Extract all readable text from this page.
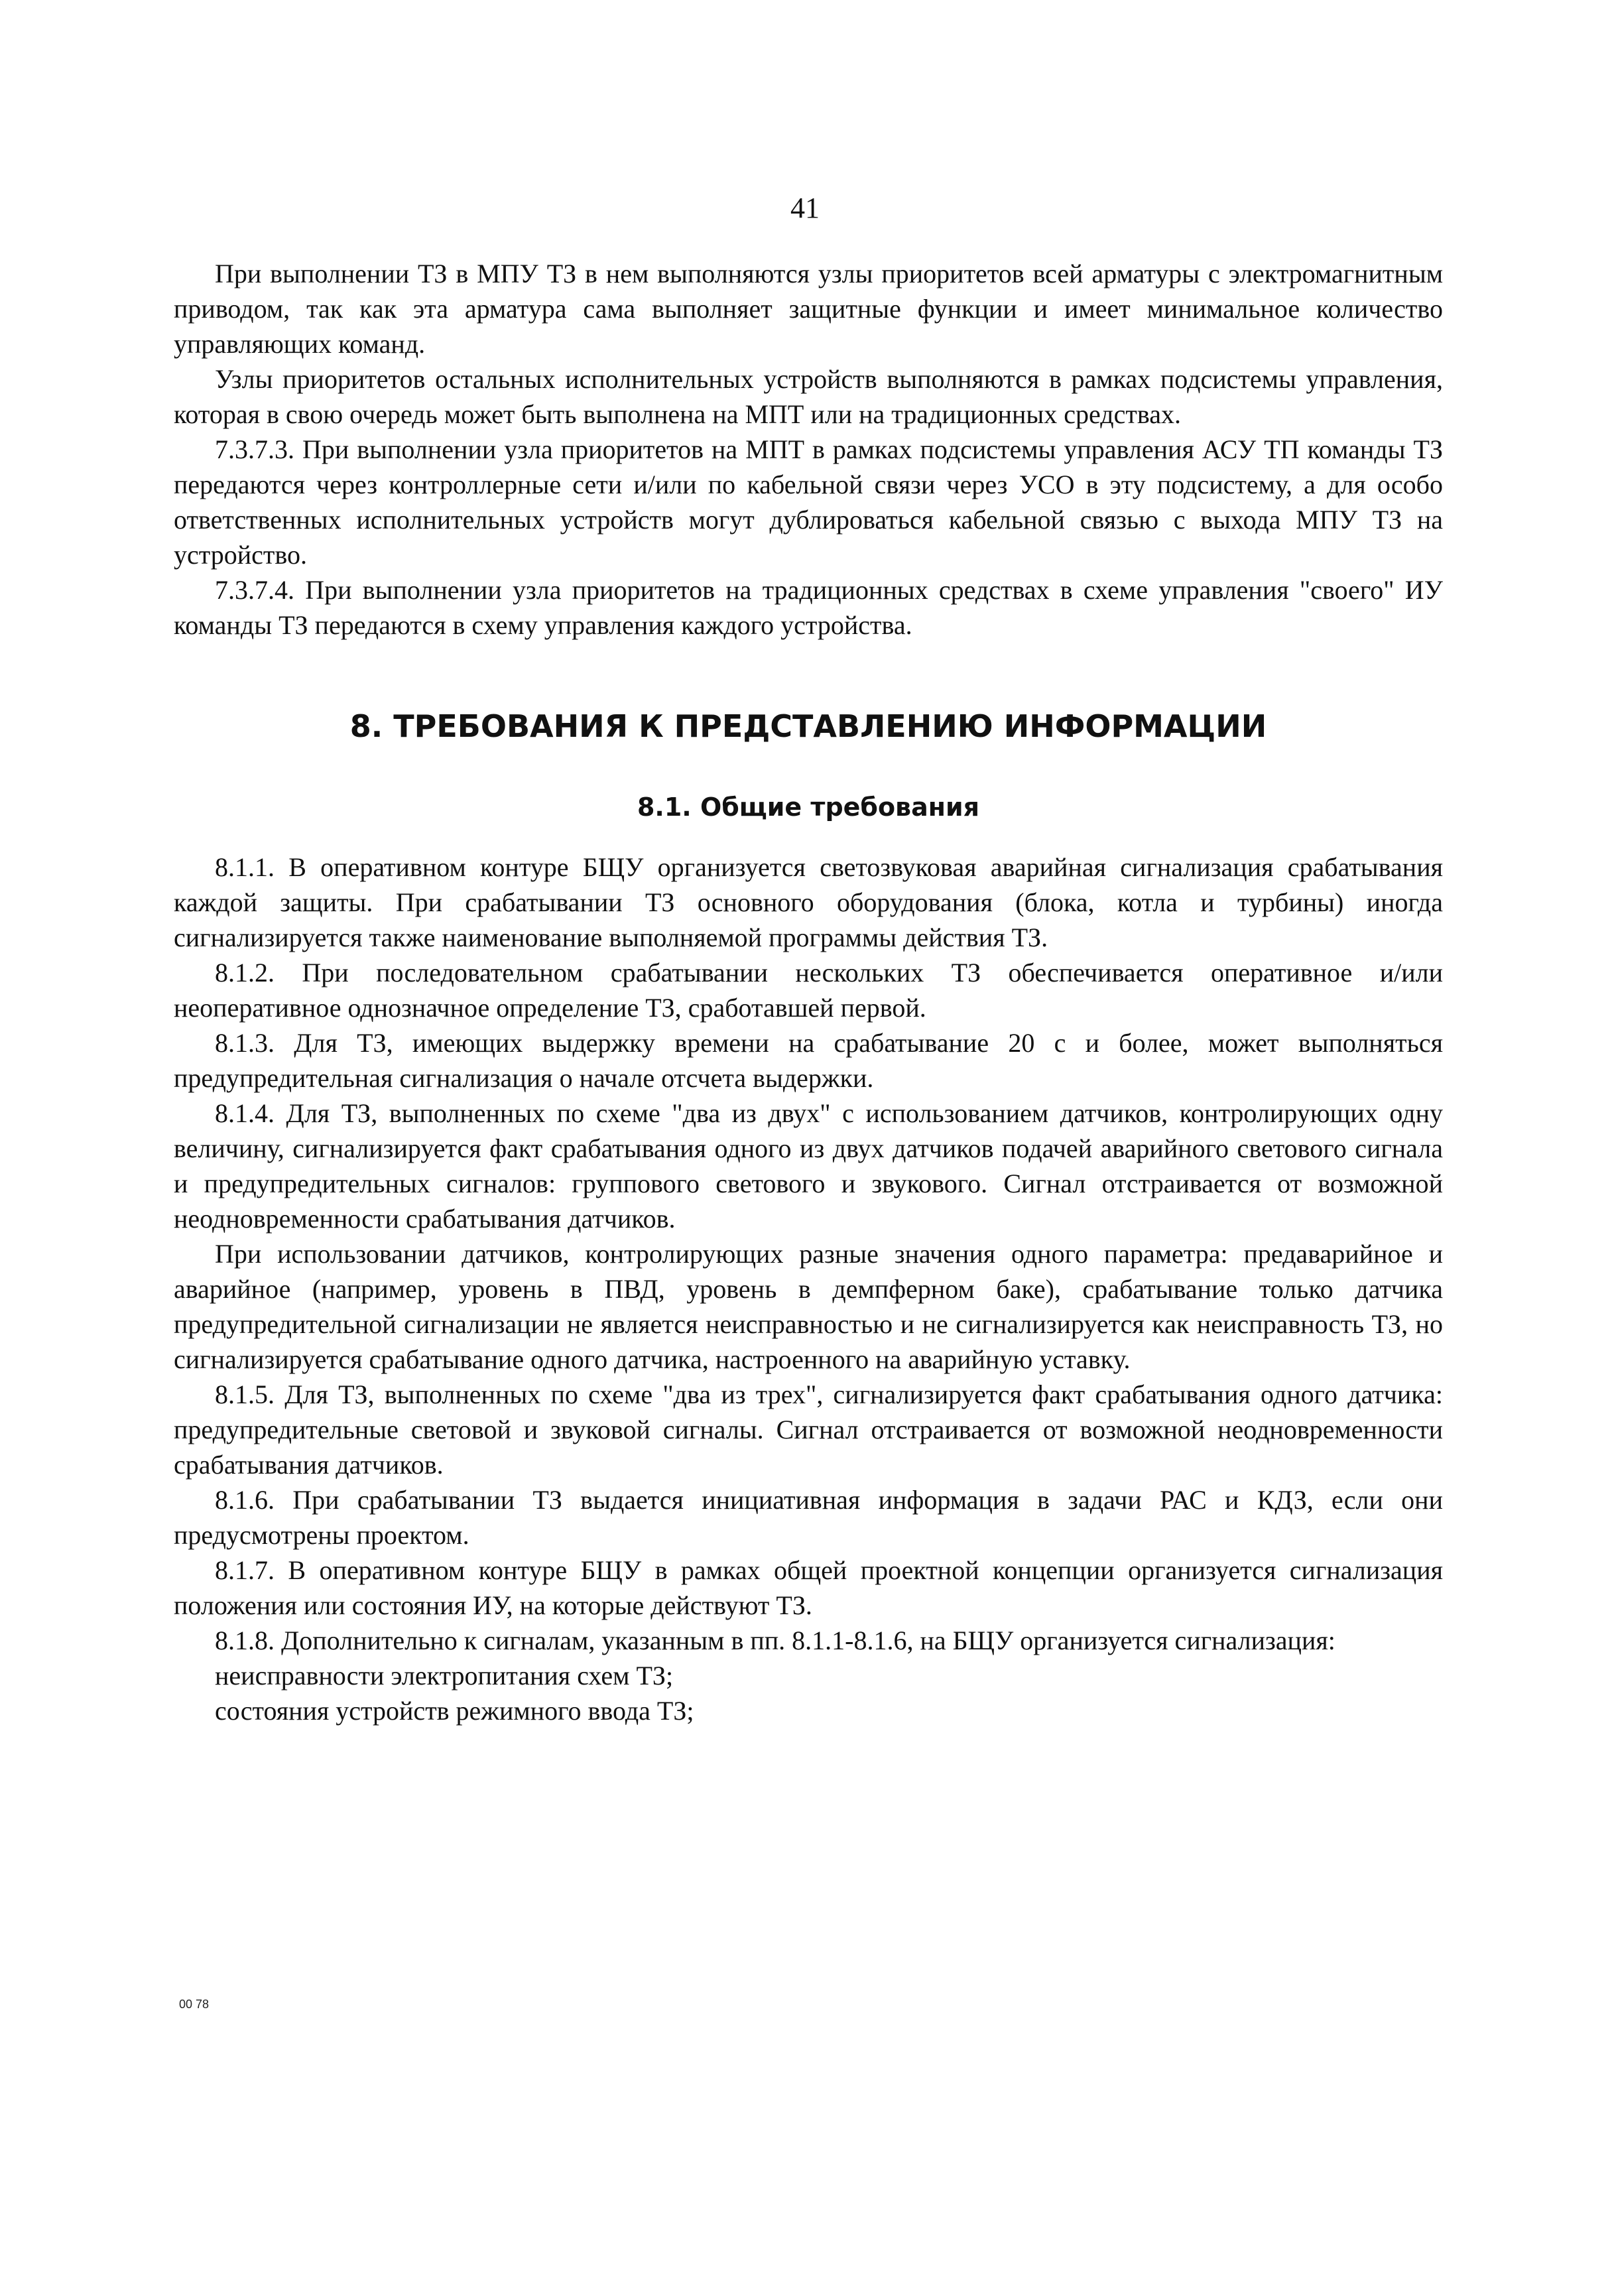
41

При выполнении ТЗ в МПУ ТЗ в нем выполняются узлы приоритетов всей арматуры с электромагнитным приводом, так как эта арматура сама выполняет защитные функции и имеет минимальное количество управляющих команд.

Узлы приоритетов остальных исполнительных устройств выполняются в рамках подсистемы управления, которая в свою очередь может быть выполнена на МПТ или на традиционных средствах.

7.3.7.3. При выполнении узла приоритетов на МПТ в рамках подсистемы управления АСУ ТП команды ТЗ передаются через контроллерные сети и/или по кабельной связи через УСО в эту подсистему, а для особо ответственных исполнительных устройств могут дублироваться кабельной связью с выхода МПУ ТЗ на устройство.

7.3.7.4. При выполнении узла приоритетов на традиционных средствах в схеме управления "своего" ИУ команды ТЗ передаются в схему управления каждого устройства.

8. ТРЕБОВАНИЯ К ПРЕДСТАВЛЕНИЮ ИНФОРМАЦИИ
8.1. Общие требования

8.1.1. В оперативном контуре БЩУ организуется светозвуковая аварийная сигнализация срабатывания каждой защиты. При срабатывании ТЗ основного оборудования (блока, котла и турбины) иногда сигнализируется также наименование выполняемой программы действия ТЗ.

8.1.2. При последовательном срабатывании нескольких ТЗ обеспечивается оперативное и/или неоперативное однозначное определение ТЗ, сработавшей первой.

8.1.3. Для ТЗ, имеющих выдержку времени на срабатывание 20 с и более, может выполняться предупредительная сигнализация о начале отсчета выдержки.

8.1.4. Для ТЗ, выполненных по схеме "два из двух" с использованием датчиков, контролирующих одну величину, сигнализируется факт срабатывания одного из двух датчиков подачей аварийного светового сигнала и предупредительных сигналов: группового светового и звукового. Сигнал отстраивается от возможной неодновременности срабатывания датчиков.

При использовании датчиков, контролирующих разные значения одного параметра: предаварийное и аварийное (например, уровень в ПВД, уровень в демпферном баке), срабатывание только датчика предупредительной сигнализации не является неисправностью и не сигнализируется как неисправность ТЗ, но сигнализируется срабатывание одного датчика, настроенного на аварийную уставку.

8.1.5. Для ТЗ, выполненных по схеме "два из трех", сигнализируется факт срабатывания одного датчика: предупредительные световой и звуковой сигналы. Сигнал отстраивается от возможной неодновременности срабатывания датчиков.

8.1.6. При срабатывании ТЗ выдается инициативная информация в задачи РАС и КДЗ, если они предусмотрены проектом.

8.1.7. В оперативном контуре БЩУ в рамках общей проектной концепции организуется сигнализация положения или состояния ИУ, на которые действуют ТЗ.

8.1.8. Дополнительно к сигналам, указанным в пп. 8.1.1-8.1.6, на БЩУ организуется сигнализация:

неисправности электропитания схем ТЗ;

состояния устройств режимного ввода ТЗ;

00 78
